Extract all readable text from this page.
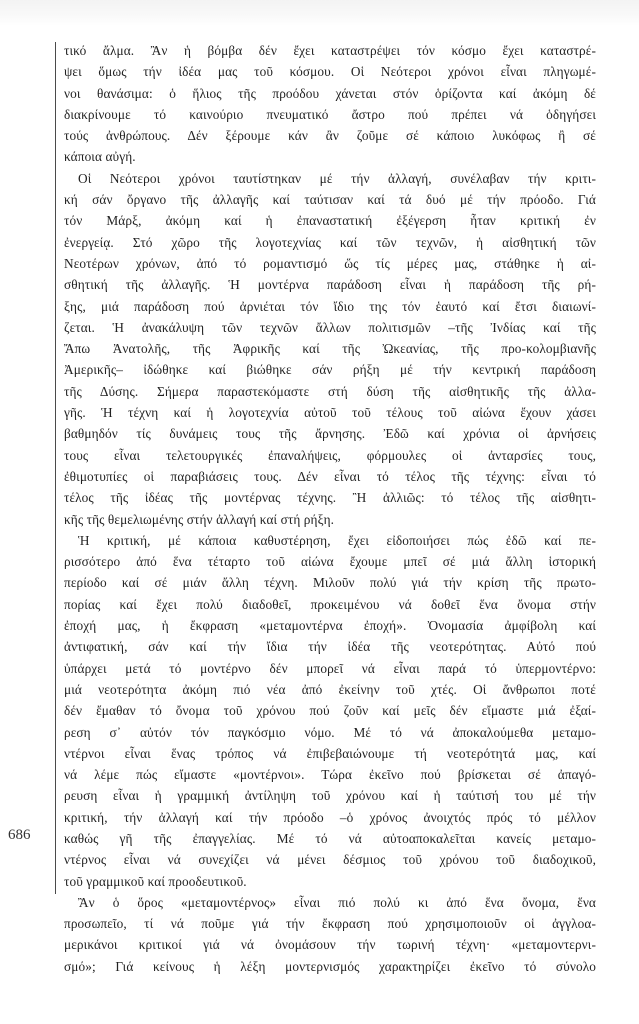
686
τικό ἄλμα. Ἂν ἡ βόμβα δέν ἔχει καταστρέψει τόν κόσμο ἔχει καταστρέ-
ψει ὅμως τήν ἰδέα μας τοῦ κόσμου. Οἱ Νεότεροι χρόνοι εἶναι πληγωμέ-
νοι θανάσιμα: ὁ ἥλιος τῆς προόδου χάνεται στόν ὁρίζοντα καί ἀκόμη δέ
διακρίνουμε τό καινούριο πνευματικό ἄστρο πού πρέπει νά ὁδηγήσει
τούς ἀνθρώπους. Δέν ξέρουμε κάν ἂν ζοῦμε σέ κάποιο λυκόφως ἢ σέ
κάποια αὐγή.
Οἱ Νεότεροι χρόνοι ταυτίστηκαν μέ τήν ἀλλαγή, συνέλαβαν τήν κριτι-
κή σάν ὄργανο τῆς ἀλλαγῆς καί ταύτισαν καί τά δυό μέ τήν πρόοδο. Γιά
τόν Μάρξ, ἀκόμη καί ἡ ἐπαναστατική ἐξέγερση ἦταν κριτική ἐν
ἐνεργείᾳ. Στό χῶρο τῆς λογοτεχνίας καί τῶν τεχνῶν, ἡ αἰσθητική τῶν
Νεοτέρων χρόνων, ἀπό τό ρομαντισμό ὥς τίς μέρες μας, στάθηκε ἡ αἰ-
σθητική τῆς ἀλλαγῆς. Ἡ μοντέρνα παράδοση εἶναι ἡ παράδοση τῆς ρή-
ξης, μιά παράδοση πού ἀρνιέται τόν ἴδιο της τόν ἑαυτό καί ἔτσι διαιωνί-
ζεται. Ἡ ἀνακάλυψη τῶν τεχνῶν ἄλλων πολιτισμῶν –τῆς Ἰνδίας καί τῆς
Ἄπω Ἀνατολῆς, τῆς Ἀφρικῆς καί τῆς Ὠκεανίας, τῆς προ-κολομβιανῆς
Ἀμερικῆς– ἰδώθηκε καί βιώθηκε σάν ρήξη μέ τήν κεντρική παράδοση
τῆς Δύσης. Σήμερα παραστεκόμαστε στή δύση τῆς αἰσθητικῆς τῆς ἀλλα-
γῆς. Ἡ τέχνη καί ἡ λογοτεχνία αὐτοῦ τοῦ τέλους τοῦ αἰώνα ἔχουν χάσει
βαθμηδόν τίς δυνάμεις τους τῆς ἄρνησης. Ἐδῶ καί χρόνια οἱ ἀρνήσεις
τους εἶναι τελετουργικές ἐπαναλήψεις, φόρμουλες οἱ ἀνταρσίες τους,
ἐθιμοτυπίες οἱ παραβιάσεις τους. Δέν εἶναι τό τέλος τῆς τέχνης: εἶναι τό
τέλος τῆς ἰδέας τῆς μοντέρνας τέχνης. Ἢ ἀλλιῶς: τό τέλος τῆς αἰσθητι-
κῆς τῆς θεμελιωμένης στήν ἀλλαγή καί στή ρήξη.
Ἡ κριτική, μέ κάποια καθυστέρηση, ἔχει εἰδοποιήσει πώς ἐδῶ καί πε-
ρισσότερο ἀπό ἕνα τέταρτο τοῦ αἰώνα ἔχουμε μπεῖ σέ μιά ἄλλη ἱστορική
περίοδο καί σέ μιάν ἄλλη τέχνη. Μιλοῦν πολύ γιά τήν κρίση τῆς πρωτο-
πορίας καί ἔχει πολύ διαδοθεῖ, προκειμένου νά δοθεῖ ἕνα ὄνομα στήν
ἐποχή μας, ἡ ἔκφραση «μεταμοντέρνα ἐποχή». Ὀνομασία ἀμφίβολη καί
ἀντιφατική, σάν καί τήν ἴδια τήν ἰδέα τῆς νεοτερότητας. Αὐτό πού
ὑπάρχει μετά τό μοντέρνο δέν μπορεῖ νά εἶναι παρά τό ὑπερμοντέρνο:
μιά νεοτερότητα ἀκόμη πιό νέα ἀπό ἐκείνην τοῦ χτές. Οἱ ἄνθρωποι ποτέ
δέν ἔμαθαν τό ὄνομα τοῦ χρόνου πού ζοῦν καί μεῖς δέν εἴμαστε μιά ἐξαί-
ρεση σ᾽ αὐτόν τόν παγκόσμιο νόμο. Μέ τό νά ἀποκαλούμεθα μεταμο-
ντέρνοι εἶναι ἕνας τρόπος νά ἐπιβεβαιώνουμε τή νεοτερότητά μας, καί
νά λέμε πώς εἴμαστε «μοντέρνοι». Τώρα ἐκεῖνο πού βρίσκεται σέ ἀπαγό-
ρευση εἶναι ἡ γραμμική ἀντίληψη τοῦ χρόνου καί ἡ ταύτισή του μέ τήν
κριτική, τήν ἀλλαγή καί τήν πρόοδο –ὁ χρόνος ἀνοιχτός πρός τό μέλλον
καθώς γῆ τῆς ἐπαγγελίας. Μέ τό νά αὐτοαποκαλεῖται κανείς μεταμο-
ντέρνος εἶναι νά συνεχίζει νά μένει δέσμιος τοῦ χρόνου τοῦ διαδοχικοῦ,
τοῦ γραμμικοῦ καί προοδευτικοῦ.
Ἂν ὁ ὅρος «μεταμοντέρνος» εἶναι πιό πολύ κι ἀπό ἕνα ὄνομα, ἕνα
προσωπεῖο, τί νά ποῦμε γιά τήν ἔκφραση πού χρησιμοποιοῦν οἱ ἀγγλοα-
μερικάνοι κριτικοί γιά νά ὀνομάσουν τήν τωρινή τέχνη· «μεταμοντερνι-
σμό»; Γιά κείνους ἡ λέξη μοντερνισμός χαρακτηρίζει ἐκεῖνο τό σύνολο
